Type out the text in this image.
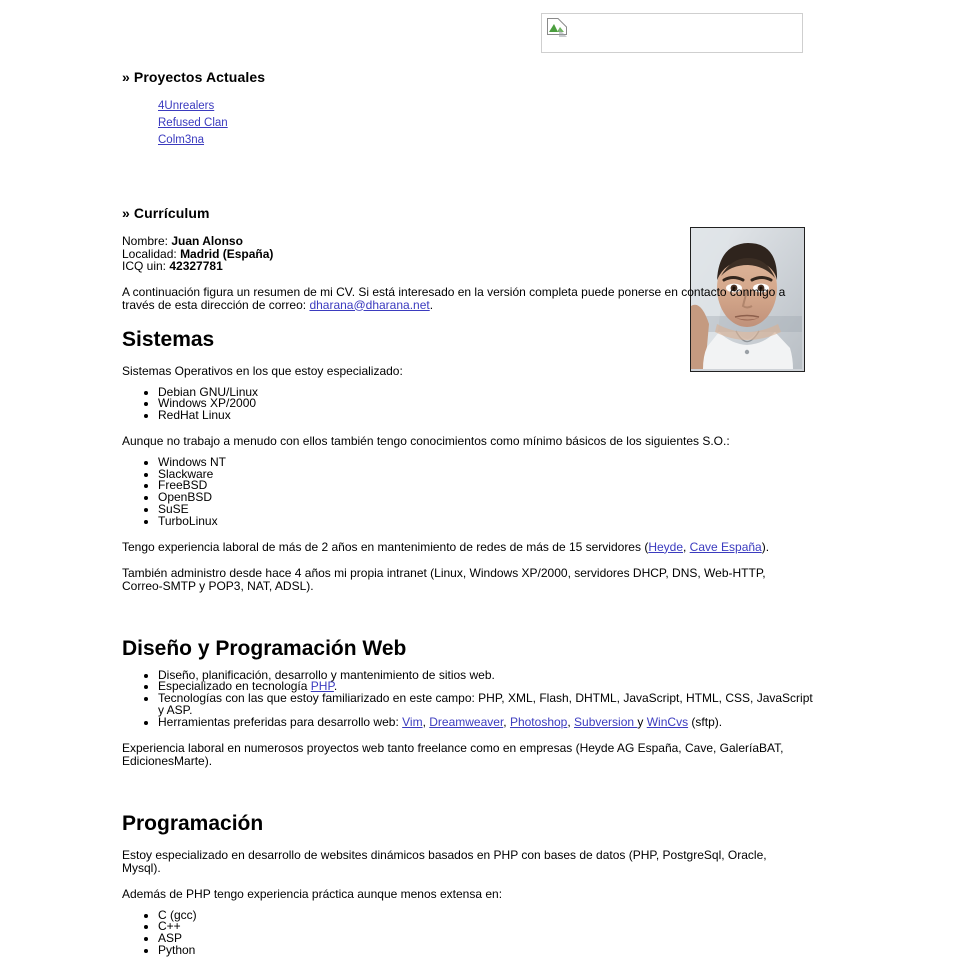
» Proyectos Actuales
4Unrealers
Refused Clan
Colm3na
» Currículum
Nombre: Juan Alonso
Localidad: Madrid (España)
ICQ uin: 42327781

A continuación figura un resumen de mi CV. Si está interesado en la versión completa puede ponerse en contacto conmigo a través de esta dirección de correo: dharana@dharana.net.

Sistemas

Sistemas Operativos en los que estoy especializado:

• Debian GNU/Linux
• Windows XP/2000
• RedHat Linux

Aunque no trabajo a menudo con ellos también tengo conocimientos como mínimo básicos de los siguientes S.O.:

• Windows NT
• Slackware
• FreeBSD
• OpenBSD
• SuSE
• TurboLinux

Tengo experiencia laboral de más de 2 años en mantenimiento de redes de más de 15 servidores (Heyde, Cave España).

También administro desde hace 4 años mi propia intranet (Linux, Windows XP/2000, servidores DHCP, DNS, Web-HTTP, Correo-SMTP y POP3, NAT, ADSL).

Diseño y Programación Web
• Diseño, planificación, desarrollo y mantenimiento de sitios web.
• Especializado en tecnología PHP.
• Tecnologías con las que estoy familiarizado en este campo: PHP, XML, Flash, DHTML, JavaScript, HTML, CSS, JavaScript y ASP.
• Herramientas preferidas para desarrollo web: Vim, Dreamweaver, Photoshop, Subversion y WinCvs (sftp).

Experiencia laboral en numerosos proyectos web tanto freelance como en empresas (Heyde AG España, Cave, GaleríaBAT, EdicionesMarte).

Programación

Estoy especializado en desarrollo de websites dinámicos basados en PHP con bases de datos (PHP, PostgreSql, Oracle, Mysql).

Además de PHP tengo experiencia práctica aunque menos extensa en:

• C (gcc)
• C++
• ASP
• Python
